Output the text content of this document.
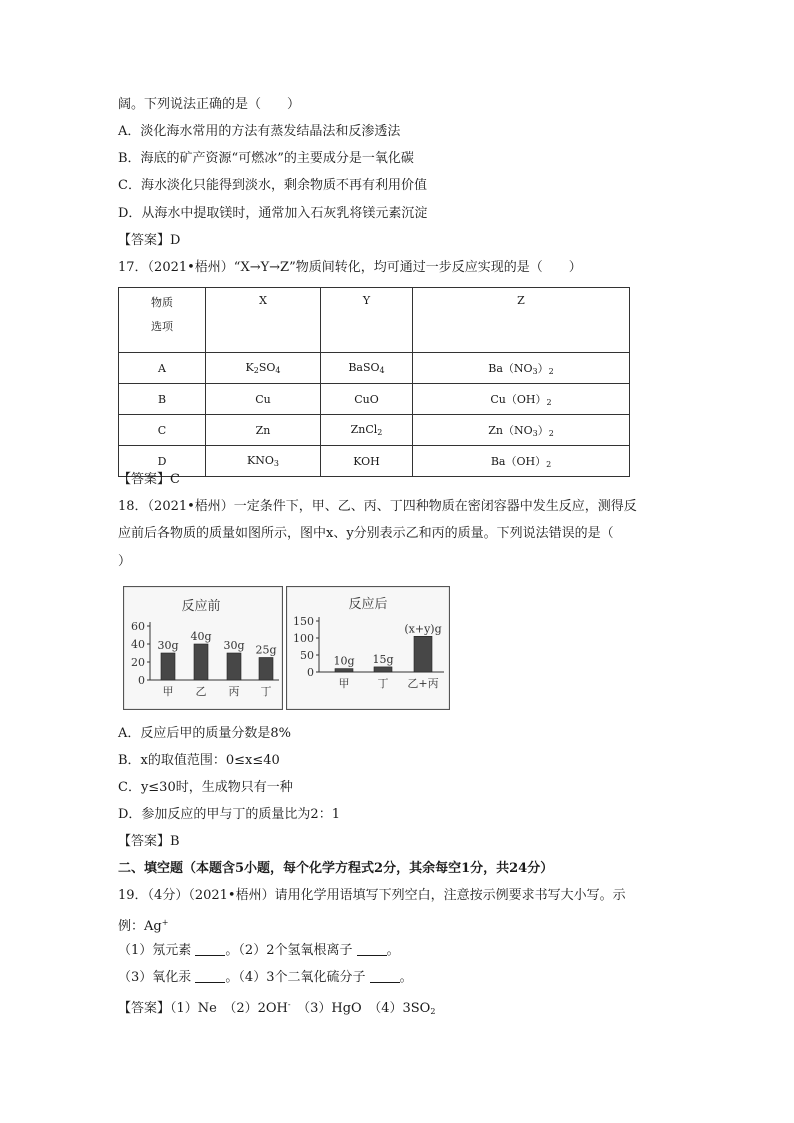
阔。下列说法正确的是（　　）
A．淡化海水常用的方法有蒸发结晶法和反渗透法
B．海底的矿产资源“可燃冰”的主要成分是一氧化碳
C．海水淡化只能得到淡水，剩余物质不再有利用价值
D．从海水中提取镁时，通常加入石灰乳将镁元素沉淀
【答案】D
17．（2021•梧州）“X→Y→Z”物质间转化，均可通过一步反应实现的是（　　）
物质
选项	X	Y	Z
A	$K_2SO_4$	BaSO$_4$	$Ba(NO_3)_2$
B	Cu	CuO	$Cu(OH)_2$
C	Zn	ZnCl$_2$	$Zn(NO_3)_2$
D	$KNO_3$	KOH	$Ba(OH)_2$
【答案】C
18．（2021•梧州）一定条件下，甲、乙、丙、丁四种物质在密闭容器中发生反应，测得反
应前后各物质的质量如图所示，图中x、y分别表示乙和丙的质量。下列说法错误的是（
）
反应前
0
20
40
60
30g
甲
40g
乙
30g
丙
25g
丁
反应后
0
50
100
150
10g
甲
15g
丁
(x+y)g
乙+丙
A．反应后甲的质量分数是8%
B．x的取值范围：0≤x≤40
C．y≤30时，生成物只有一种
D．参加反应的甲与丁的质量比为2：1
【答案】B
二、填空题（本题含5小题，每个化学方程式2分，其余每空1分，共24分）
19．（4分）（2021•梧州）请用化学用语填写下列空白，注意按示例要求书写大小写。示
例：Ag+
（1）氖元素	。（2）2个氢氧根离子	。
（3）氧化汞	。（4）3个二氧化硫分子	。
【答案】（1）Ne　（2）2OH-　（3）HgO　$(4)3SO_2$
